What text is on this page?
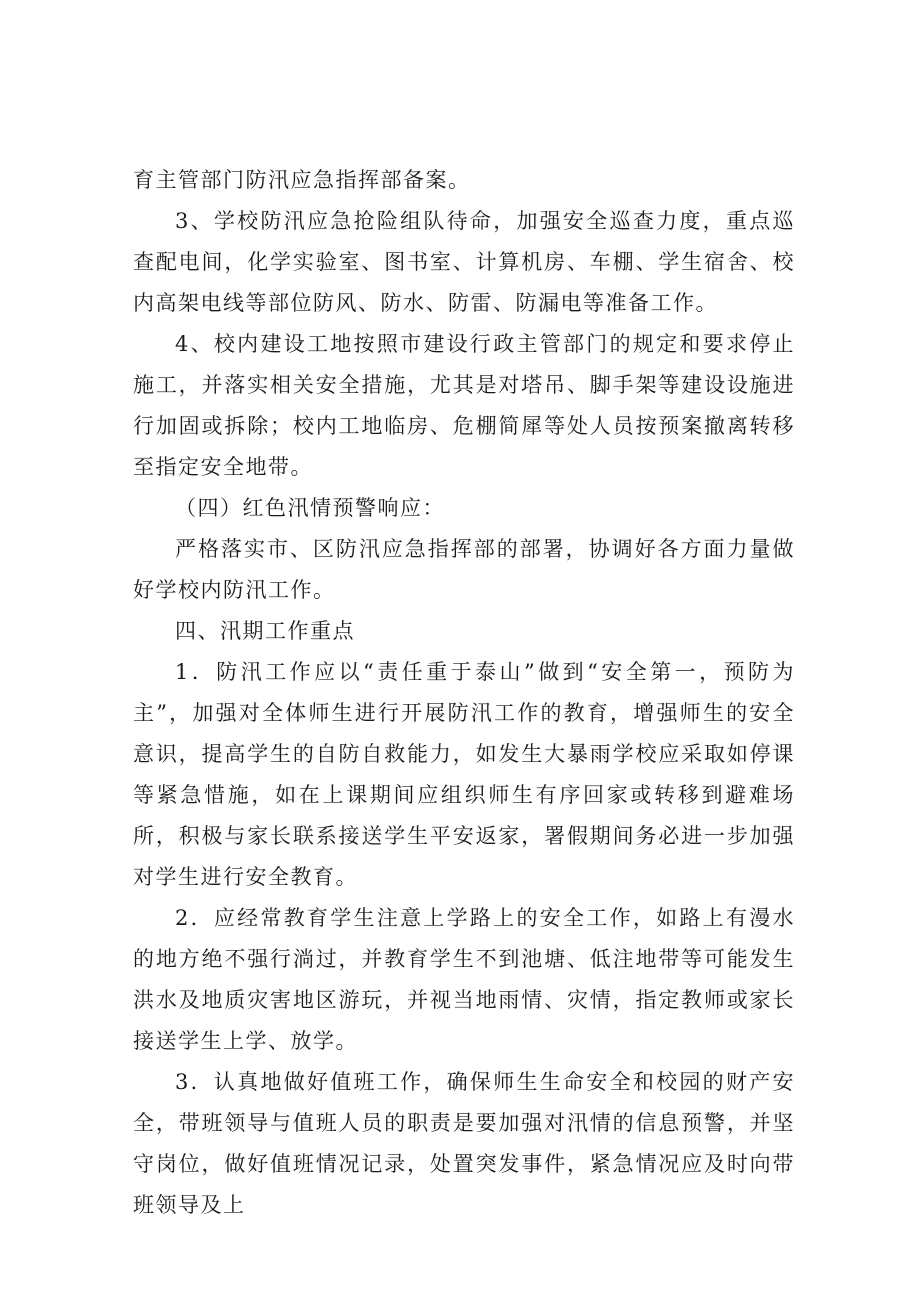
育主管部门防汛应急指挥部备案。

3、学校防汛应急抢险组队待命，加强安全巡查力度，重点巡查配电间，化学实验室、图书室、计算机房、车棚、学生宿舍、校内高架电线等部位防风、防水、防雷、防漏电等准备工作。

4、校内建设工地按照市建设行政主管部门的规定和要求停止施工，并落实相关安全措施，尤其是对塔吊、脚手架等建设设施进行加固或拆除；校内工地临房、危棚简犀等处人员按预案撤离转移至指定安全地带。

（四）红色汛情预警响应：

严格落实市、区防汛应急指挥部的部署，协调好各方面力量做好学校内防汛工作。

四、汛期工作重点

1．防汛工作应以“责任重于泰山”做到“安全第一，预防为主”，加强对全体师生进行开展防汛工作的教育，增强师生的安全意识，提高学生的自防自救能力，如发生大暴雨学校应采取如停课等紧急惜施，如在上课期间应组织师生有序回家或转移到避难场所，积极与家长联系接送学生平安返家，署假期间务必进一步加强对学生进行安全教育。

2．应经常教育学生注意上学路上的安全工作，如路上有漫水的地方绝不强行淌过，并教育学生不到池塘、低注地带等可能发生洪水及地质灾害地区游玩，并视当地雨情、灾情，指定教师或家长接送学生上学、放学。

3．认真地做好值班工作，确保师生生命安全和校园的财产安全，带班领导与值班人员的职责是要加强对汛情的信息预警，并坚守岗位，做好值班情况记录，处置突发事件，紧急情况应及时向带班领导及上
